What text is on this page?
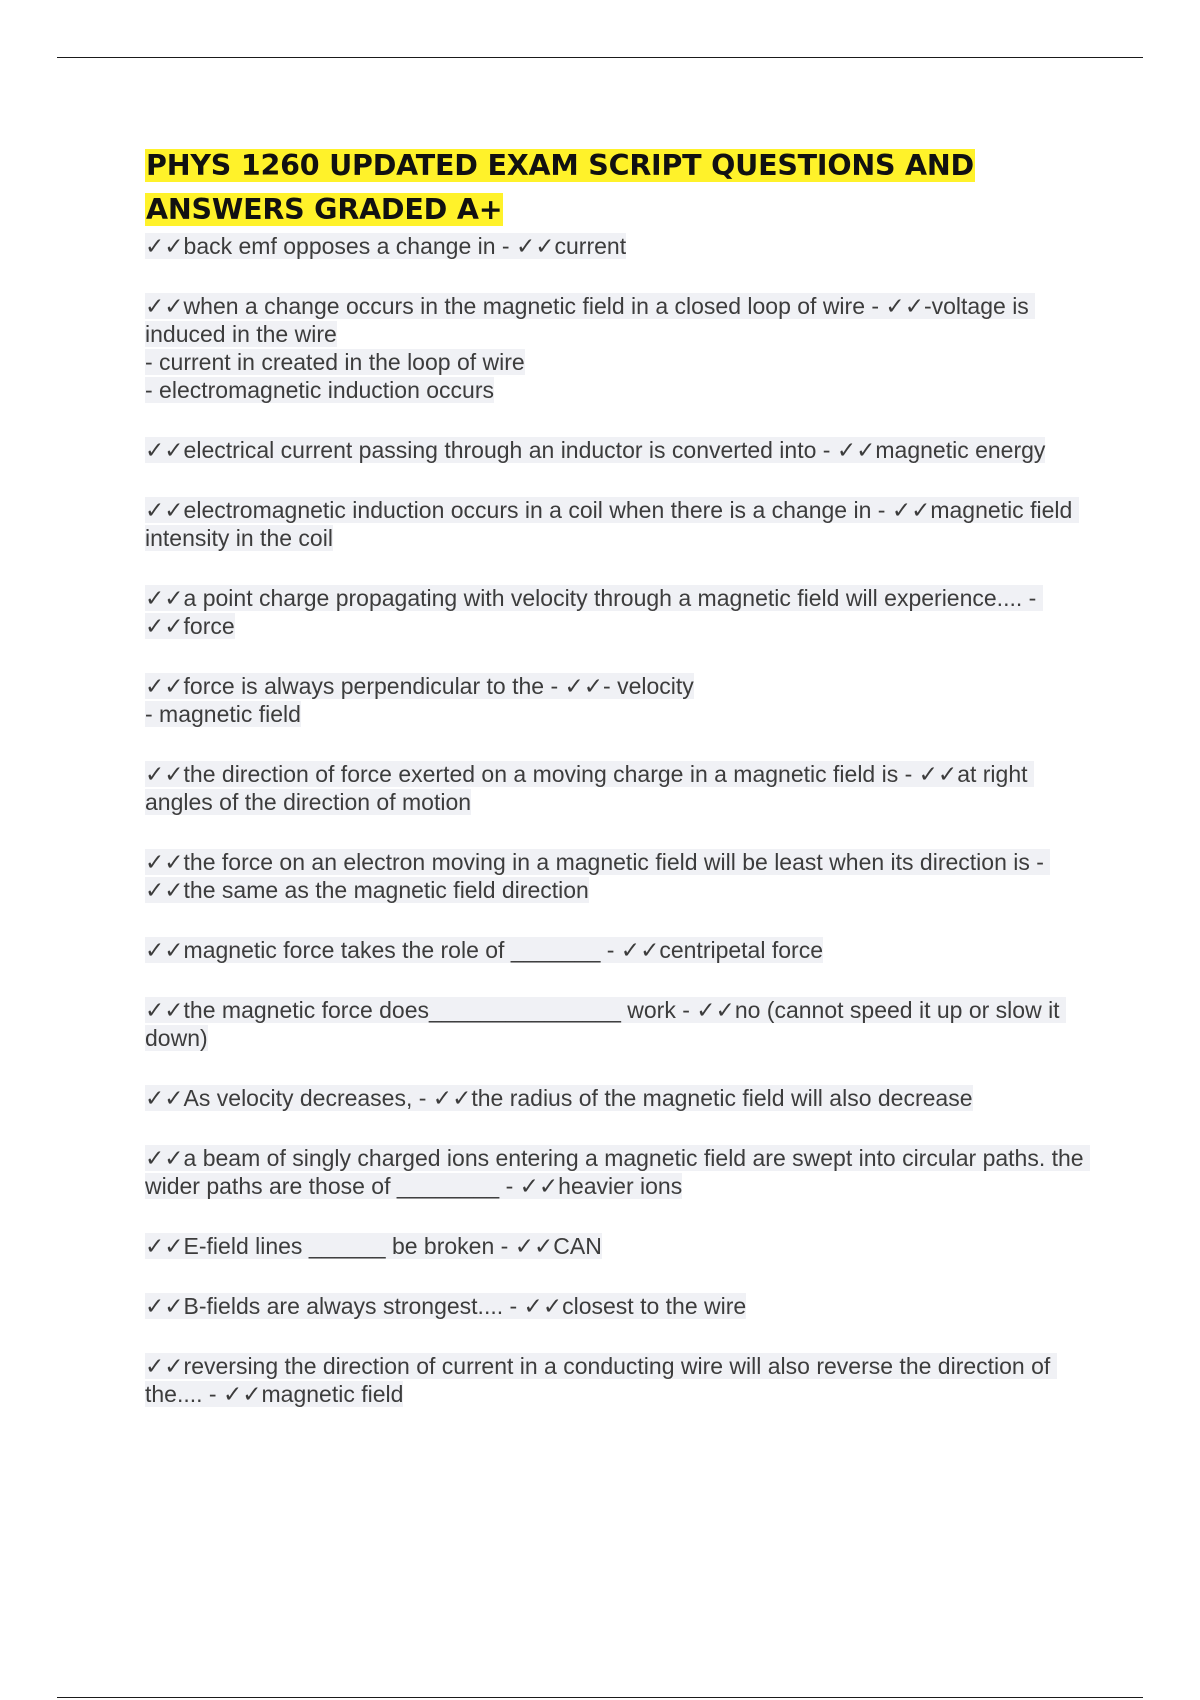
PHYS 1260 UPDATED EXAM SCRIPT QUESTIONS AND ANSWERS GRADED A+

✓✓back emf opposes a change in - ✓✓current

✓✓when a change occurs in the magnetic field in a closed loop of wire - ✓✓-voltage is induced in the wire
- current in created in the loop of wire
- electromagnetic induction occurs

✓✓electrical current passing through an inductor is converted into - ✓✓magnetic energy

✓✓electromagnetic induction occurs in a coil when there is a change in - ✓✓magnetic field intensity in the coil

✓✓a point charge propagating with velocity through a magnetic field will experience.... - ✓✓force

✓✓force is always perpendicular to the - ✓✓- velocity
- magnetic field

✓✓the direction of force exerted on a moving charge in a magnetic field is - ✓✓at right angles of the direction of motion

✓✓the force on an electron moving in a magnetic field will be least when its direction is - ✓✓the same as the magnetic field direction

✓✓magnetic force takes the role of _______ - ✓✓centripetal force

✓✓the magnetic force does_______________ work - ✓✓no (cannot speed it up or slow it down)

✓✓As velocity decreases, - ✓✓the radius of the magnetic field will also decrease

✓✓a beam of singly charged ions entering a magnetic field are swept into circular paths. the wider paths are those of ________ - ✓✓heavier ions

✓✓E-field lines ______ be broken - ✓✓CAN

✓✓B-fields are always strongest.... - ✓✓closest to the wire

✓✓reversing the direction of current in a conducting wire will also reverse the direction of the.... - ✓✓magnetic field
